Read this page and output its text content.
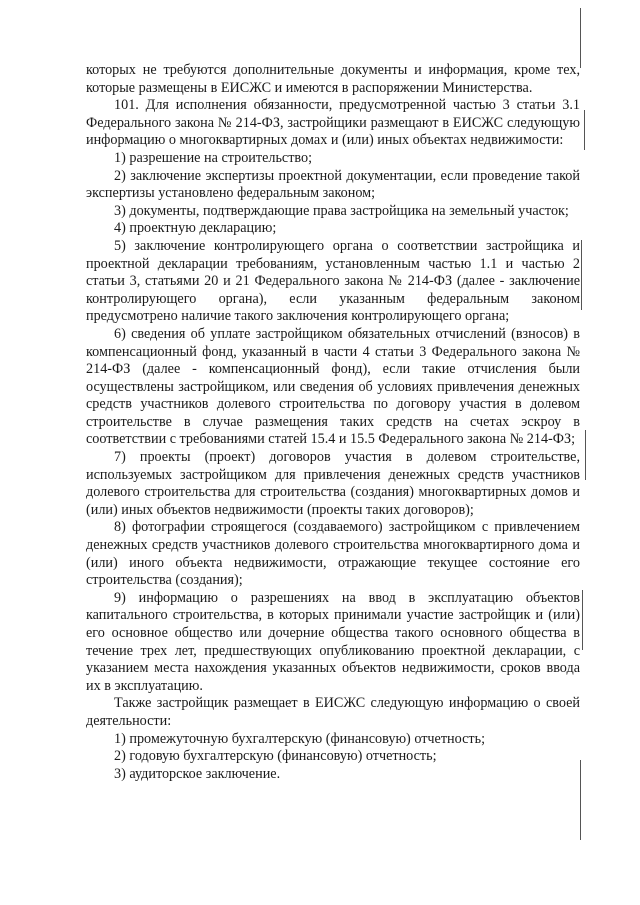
которых не требуются дополнительные документы и информация, кроме тех, которые размещены в ЕИСЖС и имеются в распоряжении Министерства.

101. Для исполнения обязанности, предусмотренной частью 3 статьи 3.1 Федерального закона № 214-ФЗ, застройщики размещают в ЕИСЖС следующую информацию о многоквартирных домах и (или) иных объектах недвижимости:

1) разрешение на строительство;

2) заключение экспертизы проектной документации, если проведение такой экспертизы установлено федеральным законом;

3) документы, подтверждающие права застройщика на земельный участок;

4) проектную декларацию;

5) заключение контролирующего органа о соответствии застройщика и проектной декларации требованиям, установленным частью 1.1 и частью 2 статьи 3, статьями 20 и 21 Федерального закона № 214-ФЗ (далее - заключение контролирующего органа), если указанным федеральным законом предусмотрено наличие такого заключения контролирующего органа;

6) сведения об уплате застройщиком обязательных отчислений (взносов) в компенсационный фонд, указанный в части 4 статьи 3 Федерального закона № 214-ФЗ (далее - компенсационный фонд), если такие отчисления были осуществлены застройщиком, или сведения об условиях привлечения денежных средств участников долевого строительства по договору участия в долевом строительстве в случае размещения таких средств на счетах эскроу в соответствии с требованиями статей 15.4 и 15.5 Федерального закона № 214-ФЗ;

7) проекты (проект) договоров участия в долевом строительстве, используемых застройщиком для привлечения денежных средств участников долевого строительства для строительства (создания) многоквартирных домов и (или) иных объектов недвижимости (проекты таких договоров);

8) фотографии строящегося (создаваемого) застройщиком с привлечением денежных средств участников долевого строительства многоквартирного дома и (или) иного объекта недвижимости, отражающие текущее состояние его строительства (создания);

9) информацию о разрешениях на ввод в эксплуатацию объектов капитального строительства, в которых принимали участие застройщик и (или) его основное общество или дочерние общества такого основного общества в течение трех лет, предшествующих опубликованию проектной декларации, с указанием места нахождения указанных объектов недвижимости, сроков ввода их в эксплуатацию.

Также застройщик размещает в ЕИСЖС следующую информацию о своей деятельности:

1) промежуточную бухгалтерскую (финансовую) отчетность;

2) годовую бухгалтерскую (финансовую) отчетность;

3) аудиторское заключение.
